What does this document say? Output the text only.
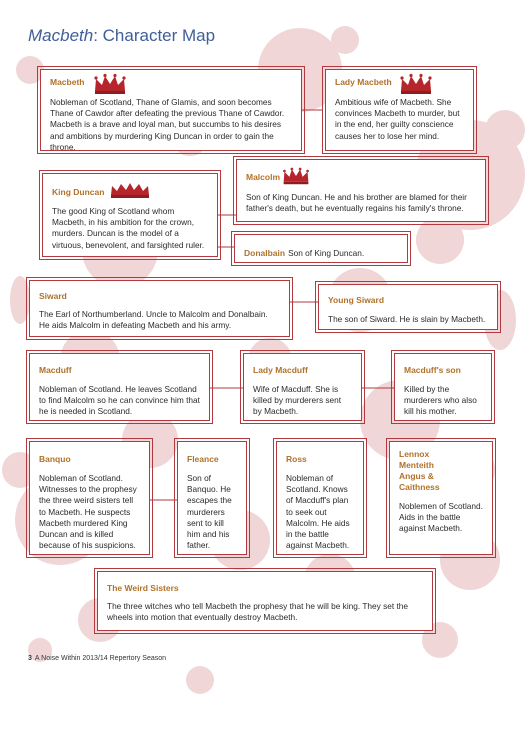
Macbeth: Character Map
Macbeth
Nobleman of Scotland, Thane of Glamis, and soon becomes Thane of Cawdor after defeating the previous Thane of Cawdor. Macbeth is a brave and loyal man, but succumbs to his desires and ambitions by murdering King Duncan in order to gain the throne.
Lady Macbeth
Ambitious wife of Macbeth. She convinces Macbeth to murder, but in the end, her guilty conscience causes her to lose her mind.
King Duncan
The good King of Scotland whom Macbeth, in his ambition for the crown, murders. Duncan is the model of a virtuous, benevolent, and farsighted ruler.
Malcolm
Son of King Duncan. He and his brother are blamed for their father's death, but he eventually regains his family's throne.
Donalbain Son of King Duncan.
Siward
The Earl of Northumberland. Uncle to Malcolm and Donalbain. He aids Malcolm in defeating Macbeth and his army.
Young Siward
The son of Siward. He is slain by Macbeth.
Macduff
Nobleman of Scotland. He leaves Scotland to find Malcolm so he can convince him that he is needed in Scotland.
Lady Macduff
Wife of Macduff. She is killed by murderers sent by Macbeth.
Macduff's son
Killed by the murderers who also kill his mother.
Banquo
Nobleman of Scotland. Witnesses to the prophesy the three weird sisters tell to Macbeth. He suspects Macbeth murdered King Duncan and is killed because of his suspicions.
Fleance
Son of Banquo. He escapes the murderers sent to kill him and his father.
Ross
Nobleman of Scotland. Knows of Macduff's plan to seek out Malcolm. He aids in the battle against Macbeth.
Lennox Menteith Angus & Caithness
Noblemen of Scotland. Aids in the battle against Macbeth.
The Weird Sisters
The three witches who tell Macbeth the prophesy that he will be king. They set the wheels into motion that eventually destroy Macbeth.
3 A Noise Within 2013/14 Repertory Season
